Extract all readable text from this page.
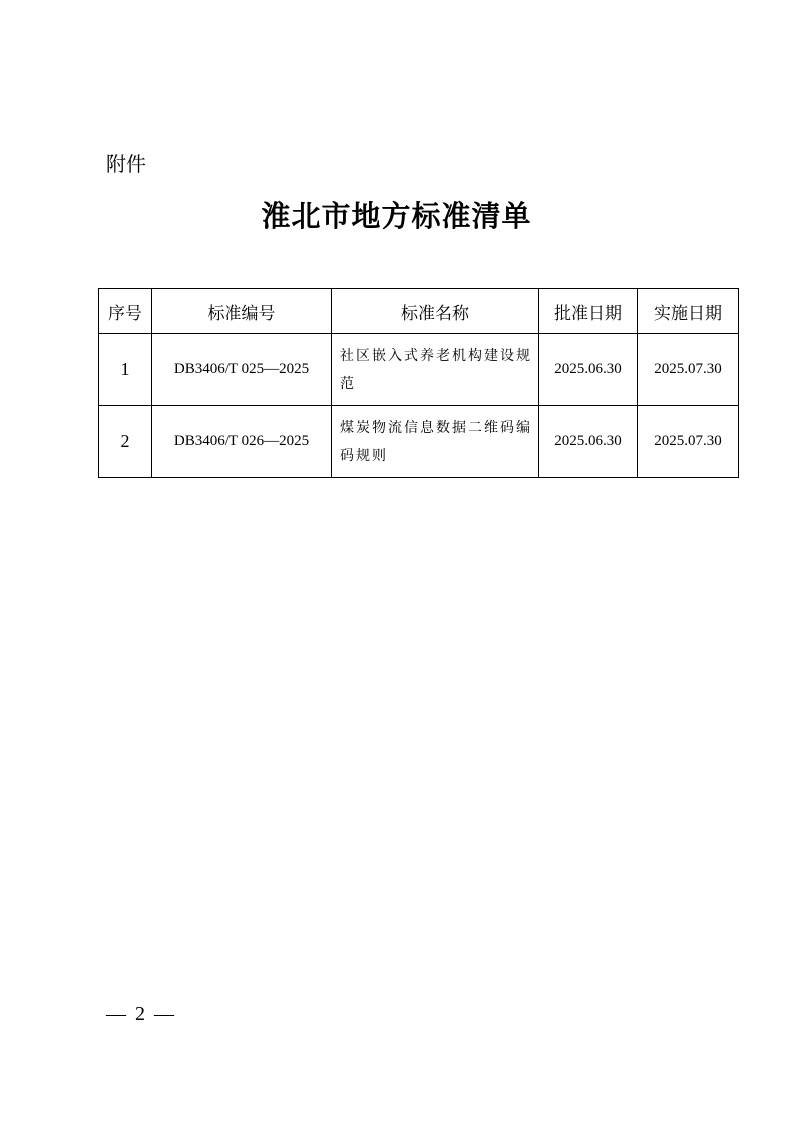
附件
淮北市地方标准清单
序号	标准编号	标准名称	批准日期	实施日期
1	DB3406/T 025—2025	社区嵌入式养老机构建设规范	2025.06.30	2025.07.30
2	DB3406/T 026—2025	煤炭物流信息数据二维码编码规则	2025.06.30	2025.07.30
— 2 —
